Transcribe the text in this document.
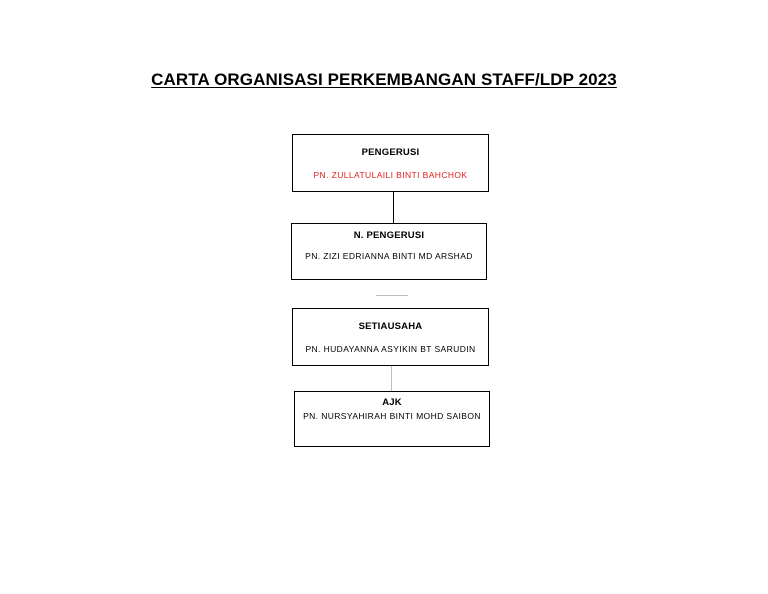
CARTA ORGANISASI PERKEMBANGAN STAFF/LDP 2023
PENGERUSI
PN. ZULLATULAILI BINTI BAHCHOK
N. PENGERUSI
PN. ZIZI EDRIANNA BINTI MD ARSHAD
SETIAUSAHA
PN. HUDAYANNA ASYIKIN BT SARUDIN
AJK
PN. NURSYAHIRAH BINTI MOHD SAIBON
